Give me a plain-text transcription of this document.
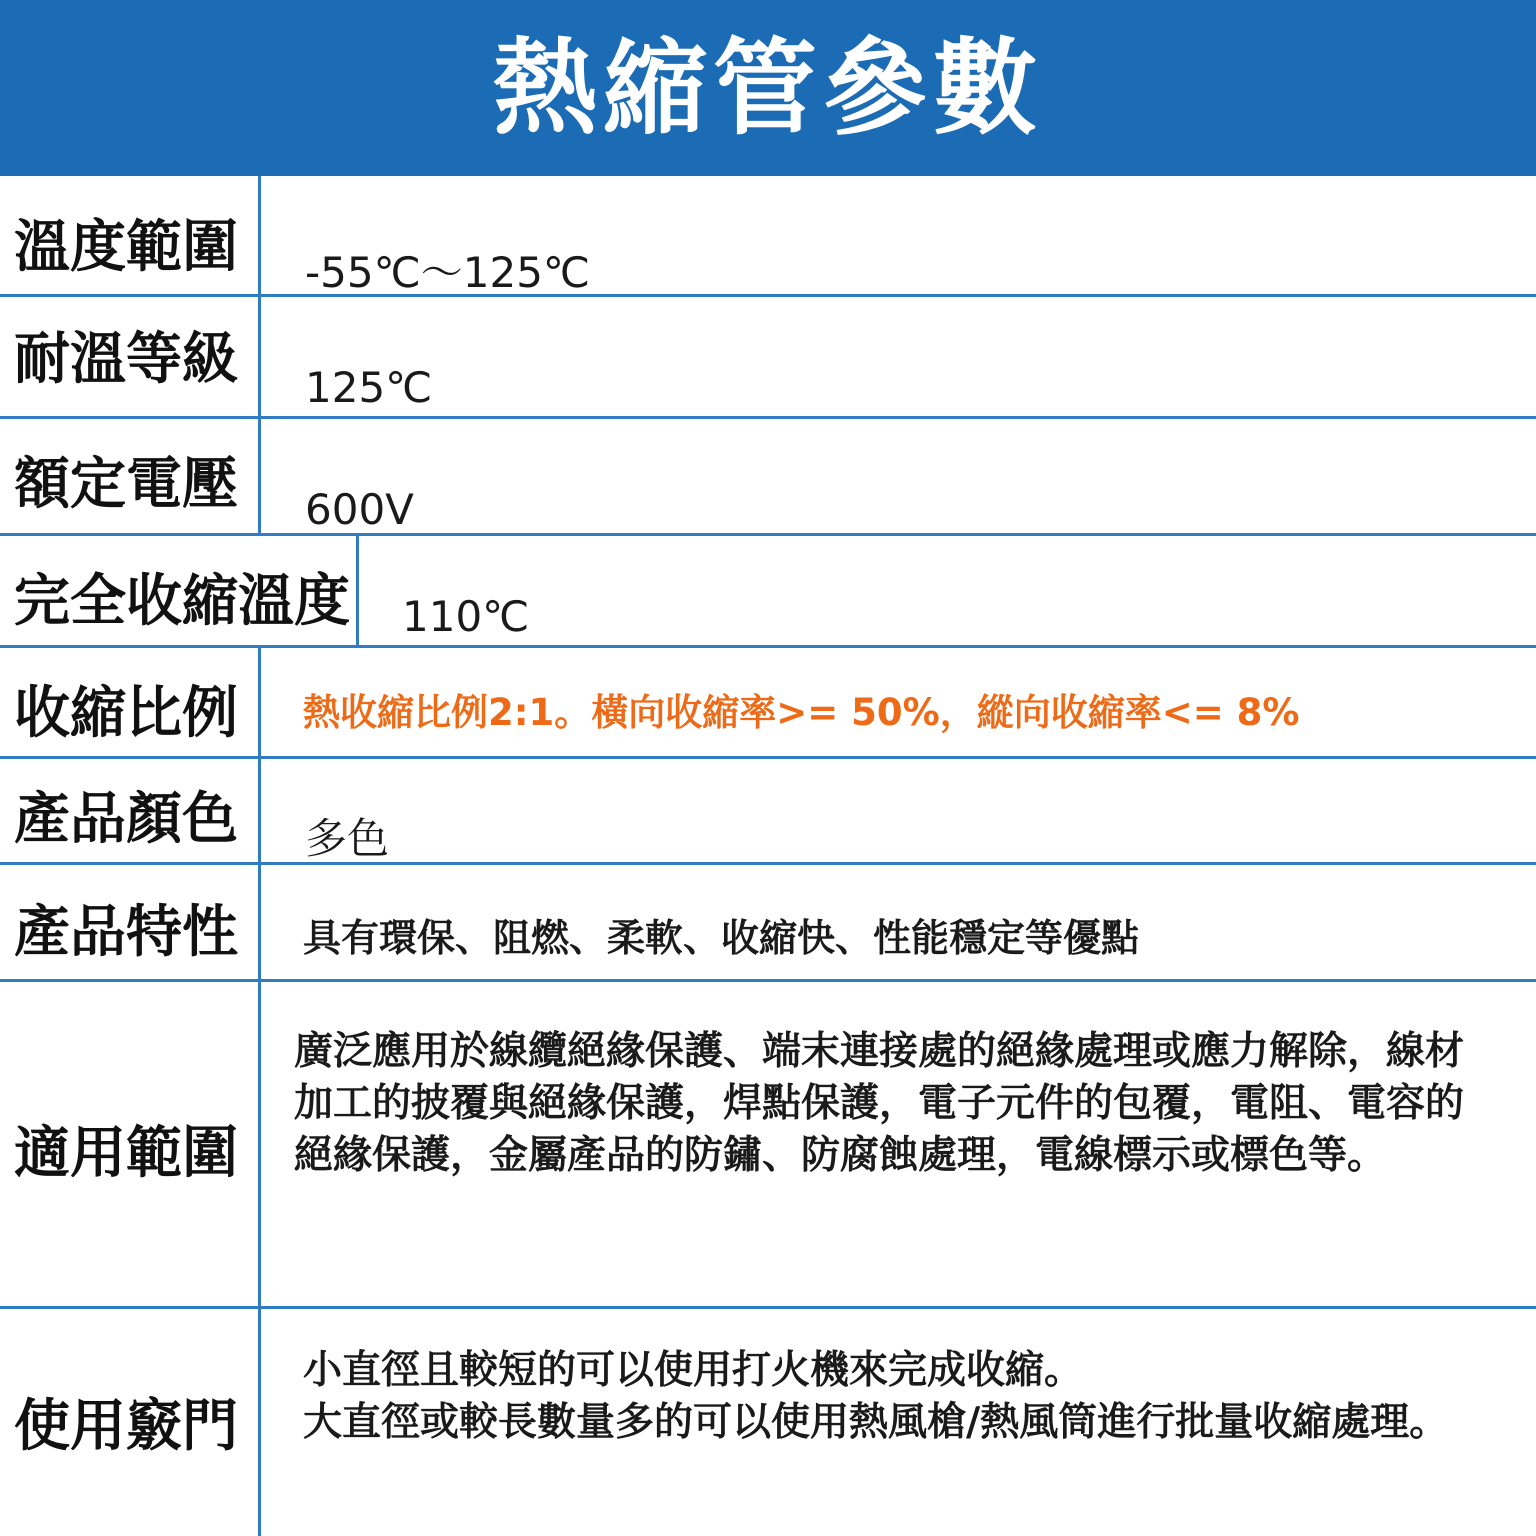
熱縮管參數
溫度範圍 -55℃～125℃
耐溫等級 125℃
額定電壓 600V
完全收縮溫度 110℃
收縮比例 熱收縮比例2:1。橫向收縮率>= 50%，縱向收縮率<= 8%
產品顏色 多色
產品特性 具有環保、阻燃、柔軟、收縮快、性能穩定等優點
適用範圍
廣泛應用於線纜絕緣保護、端末連接處的絕緣處理或應力解除，線材加工的披覆與絕緣保護，焊點保護，電子元件的包覆，電阻、電容的絕緣保護，金屬產品的防鏽、防腐蝕處理，電線標示或標色等。
使用竅門

小直徑且較短的可以使用打火機來完成收縮。

大直徑或較長數量多的可以使用熱風槍/熱風筒進行批量收縮處理。
